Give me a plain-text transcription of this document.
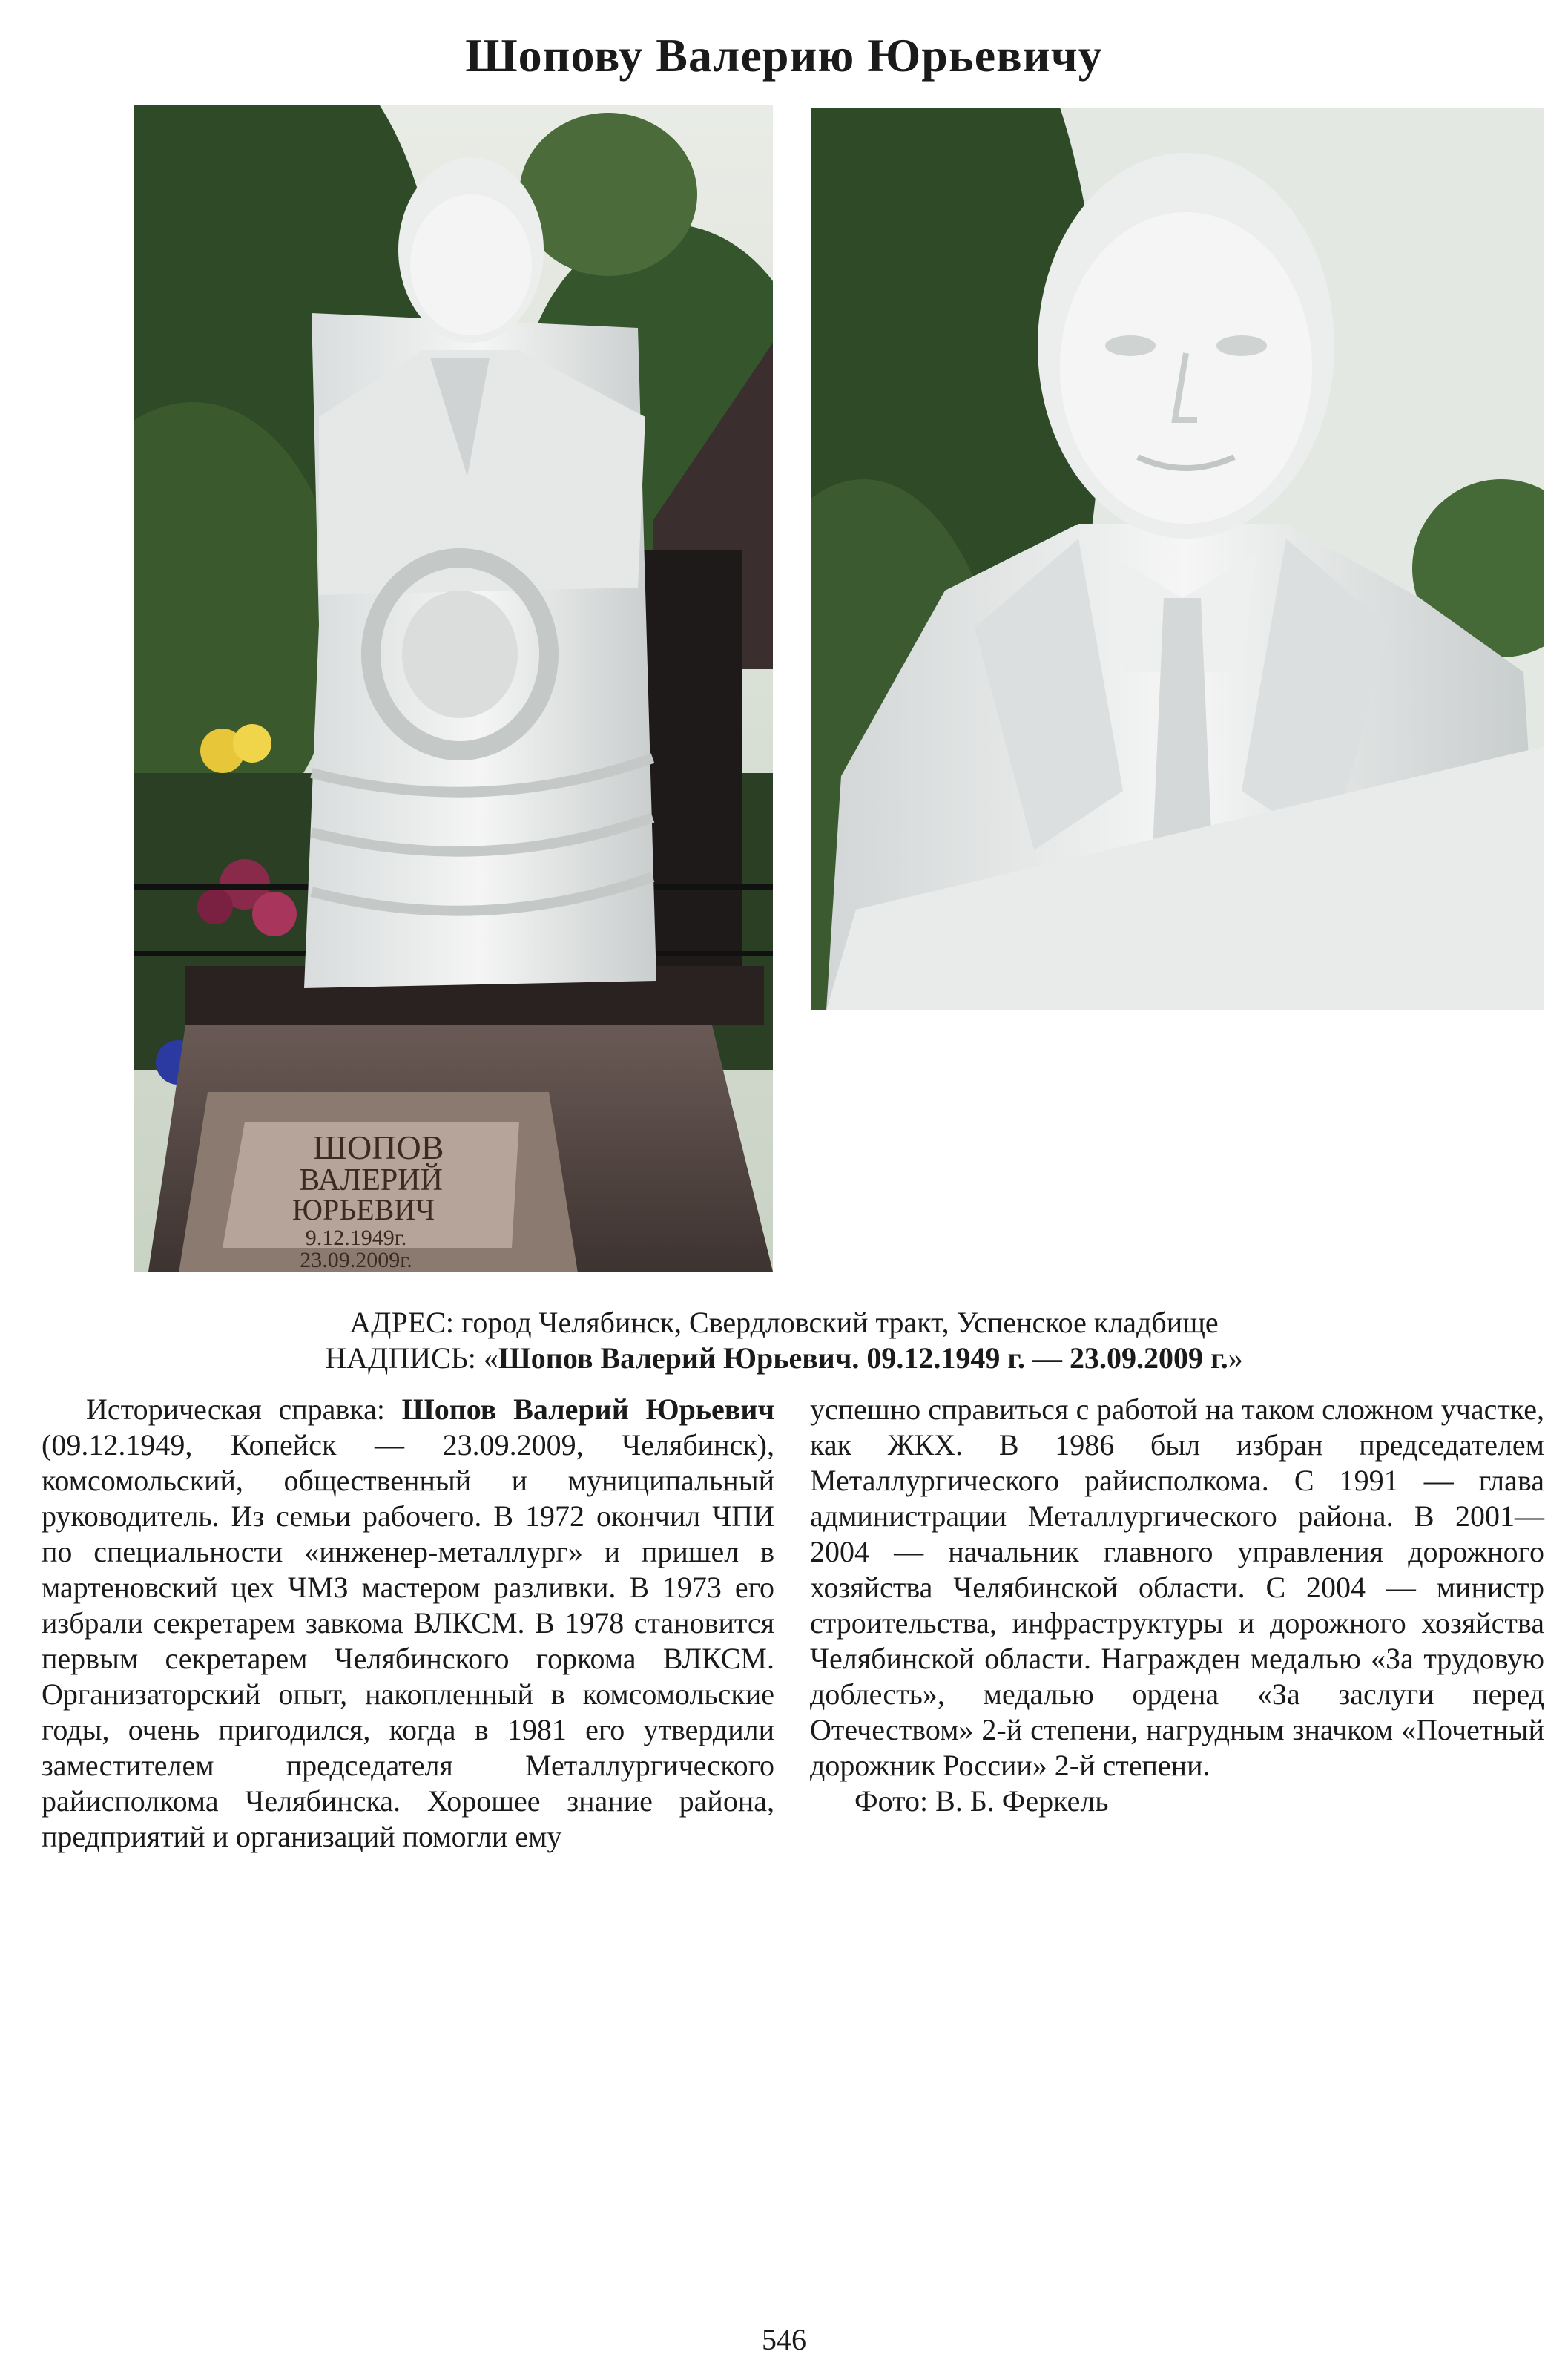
Шопову Валерию Юрьевичу
ШОПОВ
ВАЛЕРИЙ
ЮРЬЕВИЧ
9.12.1949г.
23.09.2009г.
АДРЕС: город Челябинск, Свердловский тракт, Успенское кладбище
НАДПИСЬ: «Шопов Валерий Юрьевич. 09.12.1949 г. — 23.09.2009 г.»

Историческая справка: Шопов Валерий Юрьевич (09.12.1949, Копейск — 23.09.2009, Челябинск), комсомольский, общественный и муниципальный руководитель. Из семьи рабочего. В 1972 окончил ЧПИ по специальности «инженер-металлург» и пришел в мартеновский цех ЧМЗ мастером разливки. В 1973 его избрали секретарем завкома ВЛКСМ. В 1978 становится первым секретарем Челябинского горкома ВЛКСМ. Организаторский опыт, накопленный в комсомольские годы, очень пригодился, когда в 1981 его утвердили заместителем председателя Металлургического райисполкома Челябинска. Хорошее знание района, предприятий и организаций помогли ему

успешно справиться с работой на таком сложном участке, как ЖКХ. В 1986 был избран председателем Металлургического райисполкома. С 1991 — глава администрации Металлургического района. В 2001—2004 — начальник главного управления дорожного хозяйства Челябинской области. С 2004 — министр строительства, инфраструктуры и дорожного хозяйства Челябинской области. Награжден медалью «За трудовую доблесть», медалью ордена «За заслуги перед Отечеством» 2-й степени, нагрудным значком «Почетный дорожник России» 2-й степени.

Фото: В. Б. Феркель

546
